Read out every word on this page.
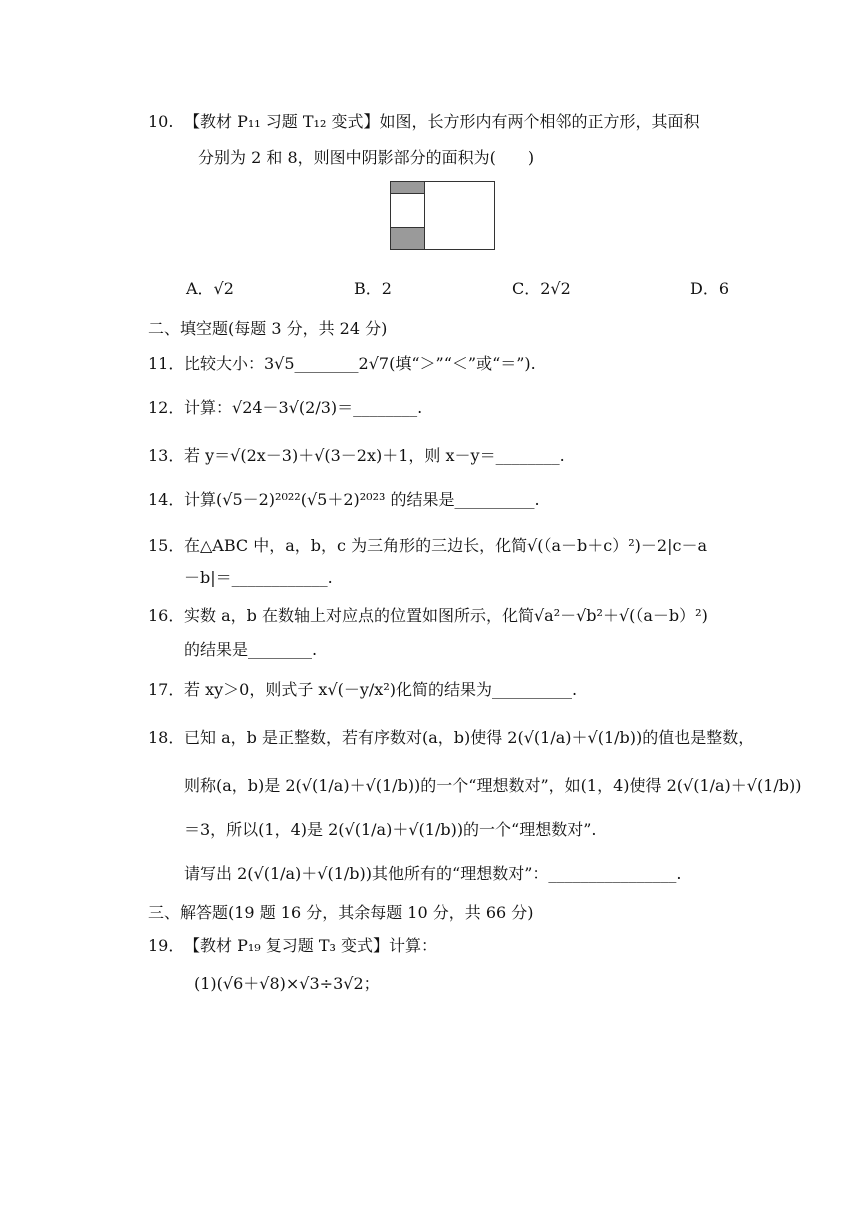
10. 【教材 P₁₁ 习题 T₁₂ 变式】如图，长方形内有两个相邻的正方形，其面积
分别为 2 和 8，则图中阴影部分的面积为(　　)
A．√2	B．2	C．2√2	D．6
二、填空题(每题 3 分，共 24 分)
11． 比较大小：3√5________2√7(填“＞”“＜”或“＝”).
12． 计算：√24－3√(2/3)＝________.
13． 若 y＝√(2x－3)＋√(3－2x)＋1，则 x－y＝________.
14． 计算(√5－2)²⁰²²(√5＋2)²⁰²³ 的结果是__________.
15． 在△ABC 中，a，b，c 为三角形的三边长，化简√(（a－b＋c）²)－2|c－a
－b|＝____________.
16． 实数 a，b 在数轴上对应点的位置如图所示，化简√a²－√b²＋√(（a－b）²)
的结果是________.
17． 若 xy＞0，则式子 x√(－y/x²)化简的结果为__________.
18． 已知 a，b 是正整数，若有序数对(a，b)使得 2(√(1/a)＋√(1/b))的值也是整数，
则称(a，b)是 2(√(1/a)＋√(1/b))的一个“理想数对”，如(1，4)使得 2(√(1/a)＋√(1/b))
＝3，所以(1，4)是 2(√(1/a)＋√(1/b))的一个“理想数对”.
请写出 2(√(1/a)＋√(1/b))其他所有的“理想数对”：________________.
三、解答题(19 题 16 分，其余每题 10 分，共 66 分)
19． 【教材 P₁₉ 复习题 T₃ 变式】计算：
(1)(√6＋√8)×√3÷3√2；
